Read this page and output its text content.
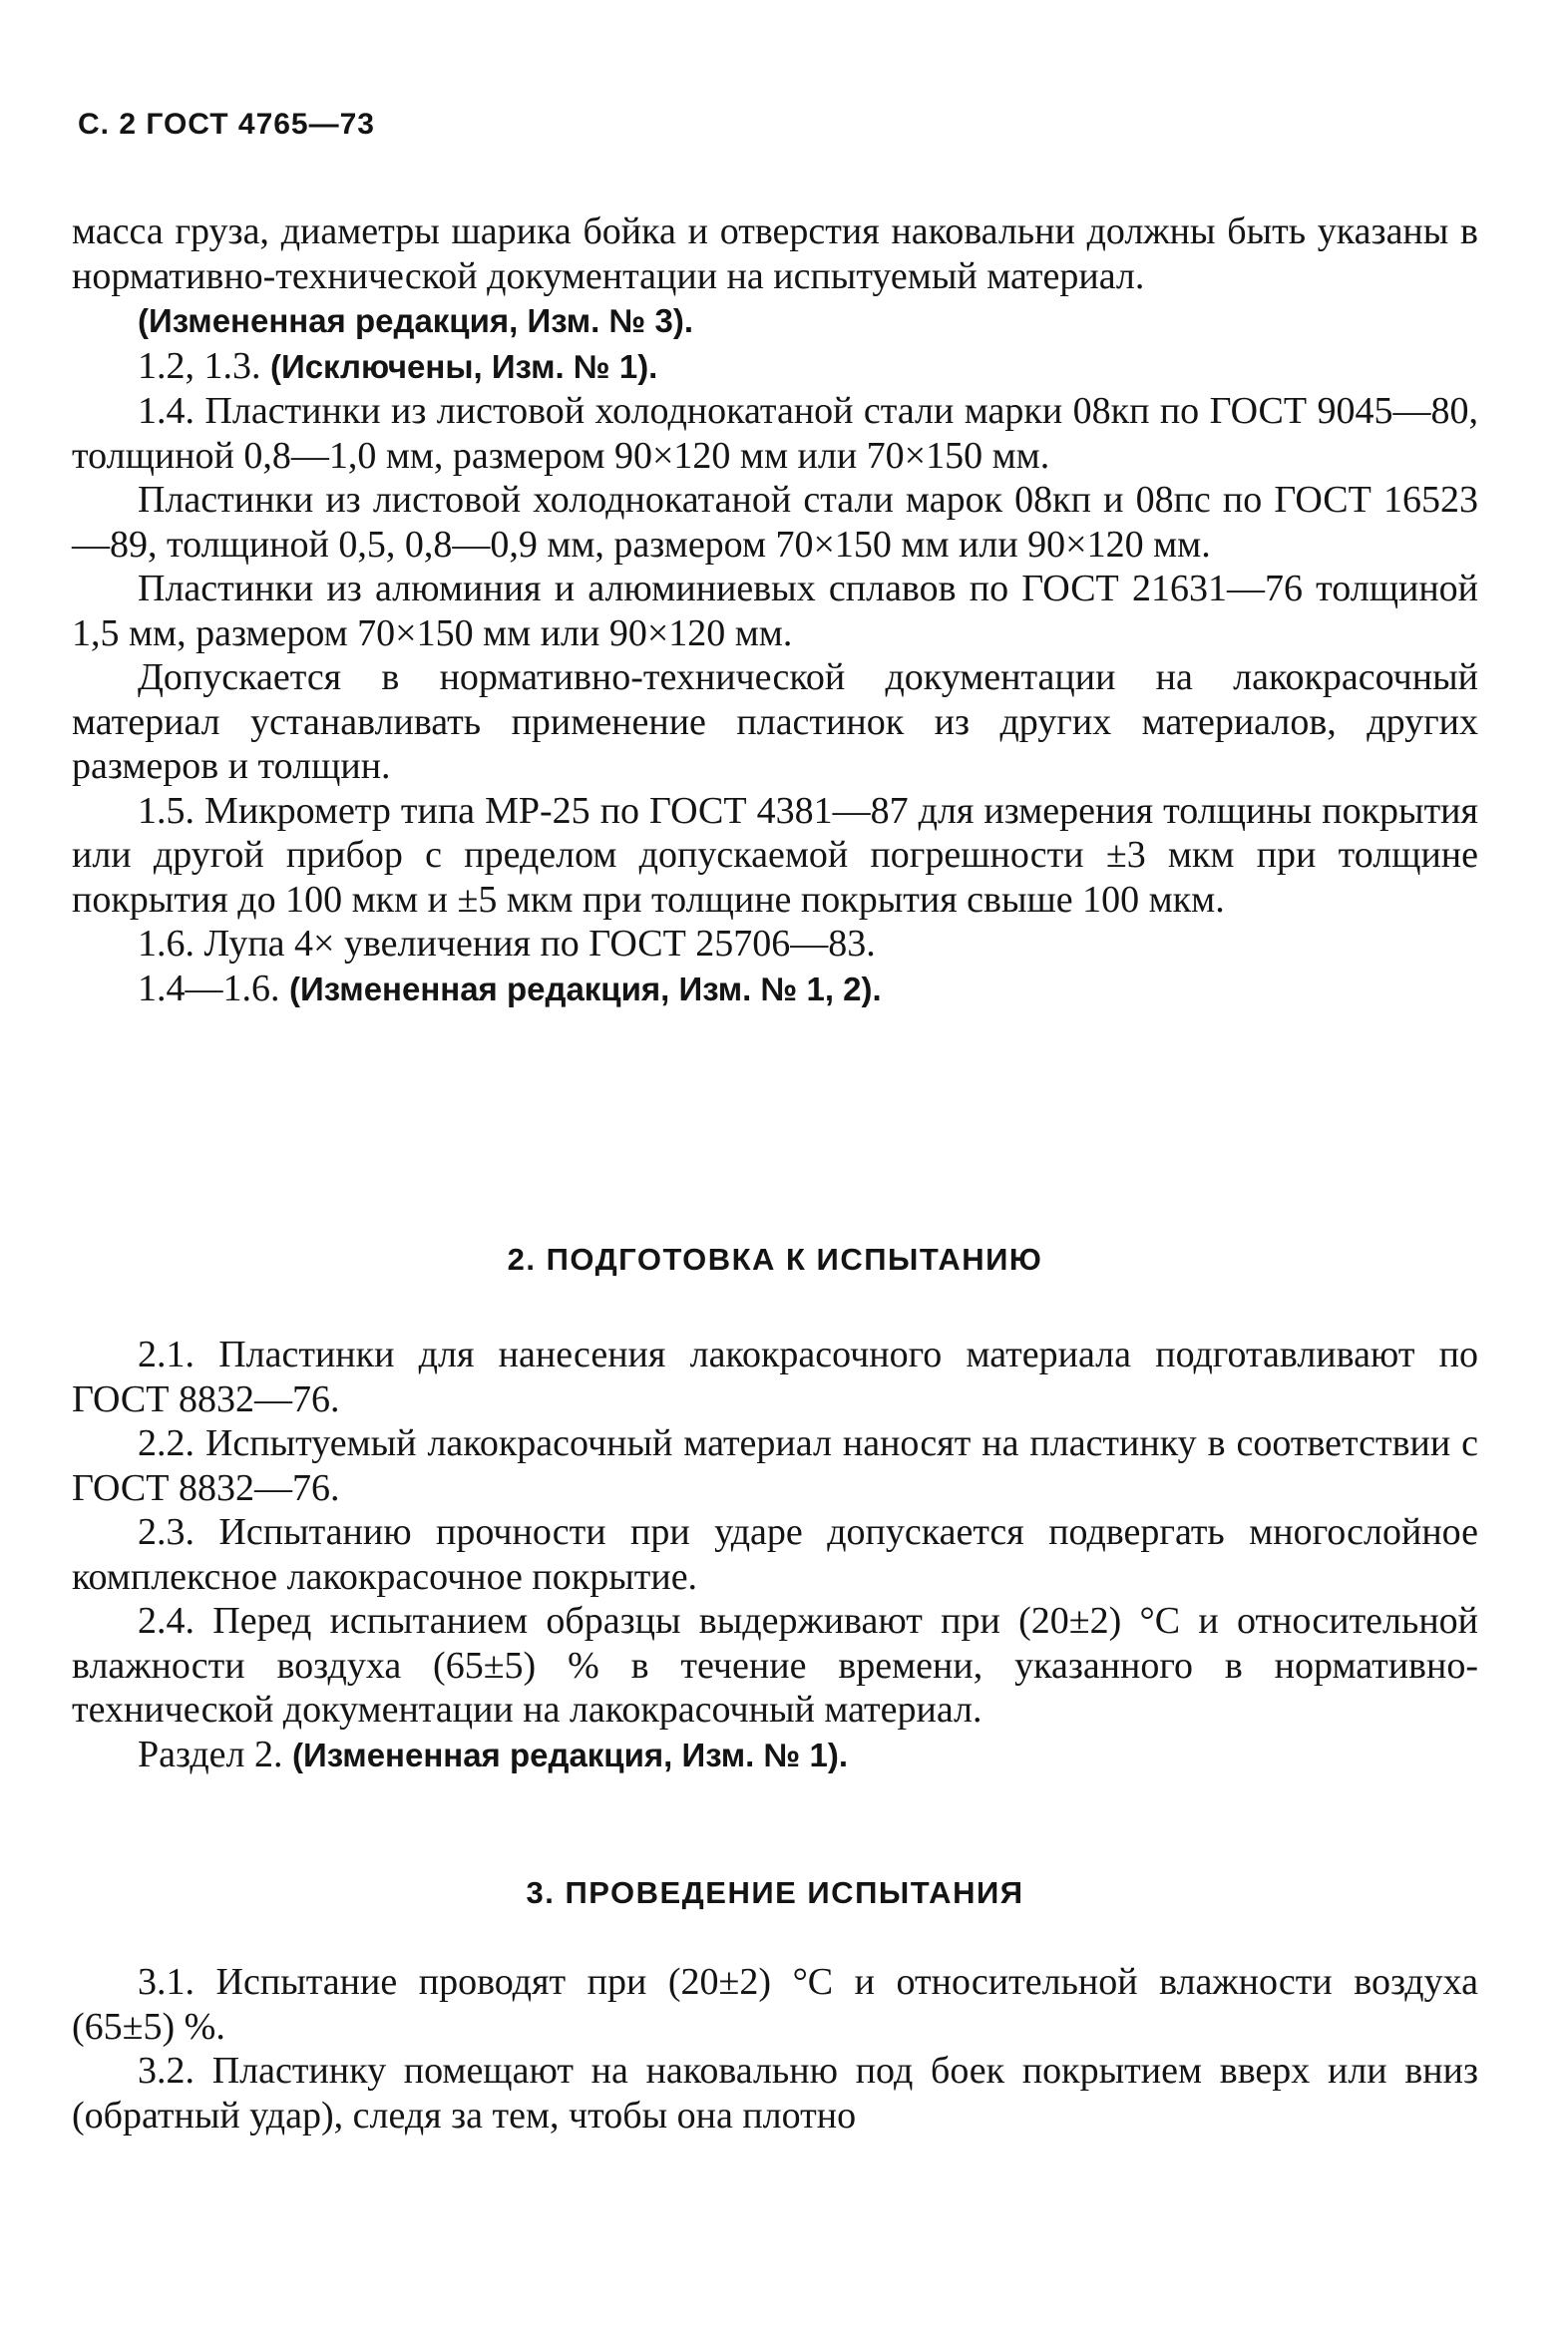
С. 2 ГОСТ 4765—73

масса груза, диаметры шарика бойка и отверстия наковальни должны быть указаны в нормативно-технической документации на испытуемый материал.

(Измененная редакция, Изм. № 3).

1.2, 1.3. (Исключены, Изм. № 1).

1.4. Пластинки из листовой холоднокатаной стали марки 08кп по ГОСТ 9045—80, толщиной 0,8—1,0 мм, размером 90×120 мм или 70×150 мм.

Пластинки из листовой холоднокатаной стали марок 08кп и 08пс по ГОСТ 16523—89, толщиной 0,5, 0,8—0,9 мм, размером 70×150 мм или 90×120 мм.

Пластинки из алюминия и алюминиевых сплавов по ГОСТ 21631—76 толщиной 1,5 мм, размером 70×150 мм или 90×120 мм.

Допускается в нормативно-технической документации на лакокрасочный материал устанавливать применение пластинок из других материалов, других размеров и толщин.

1.5. Микрометр типа МР-25 по ГОСТ 4381—87 для измерения толщины покрытия или другой прибор с пределом допускаемой погрешности ±3 мкм при толщине покрытия до 100 мкм и ±5 мкм при толщине покрытия свыше 100 мкм.

1.6. Лупа 4× увеличения по ГОСТ 25706—83.

1.4—1.6. (Измененная редакция, Изм. № 1, 2).

2. ПОДГОТОВКА К ИСПЫТАНИЮ

2.1. Пластинки для нанесения лакокрасочного материала подготавливают по ГОСТ 8832—76.

2.2. Испытуемый лакокрасочный материал наносят на пластинку в соответствии с ГОСТ 8832—76.

2.3. Испытанию прочности при ударе допускается подвергать многослойное комплексное лакокрасочное покрытие.

2.4. Перед испытанием образцы выдерживают при (20±2) °С и относительной влажности воздуха (65±5) % в течение времени, указанного в нормативно-технической документации на лакокрасочный материал.

Раздел 2. (Измененная редакция, Изм. № 1).

3. ПРОВЕДЕНИЕ ИСПЫТАНИЯ

3.1. Испытание проводят при (20±2) °С и относительной влажности воздуха (65±5) %.

3.2. Пластинку помещают на наковальню под боек покрытием вверх или вниз (обратный удар), следя за тем, чтобы она плотно
